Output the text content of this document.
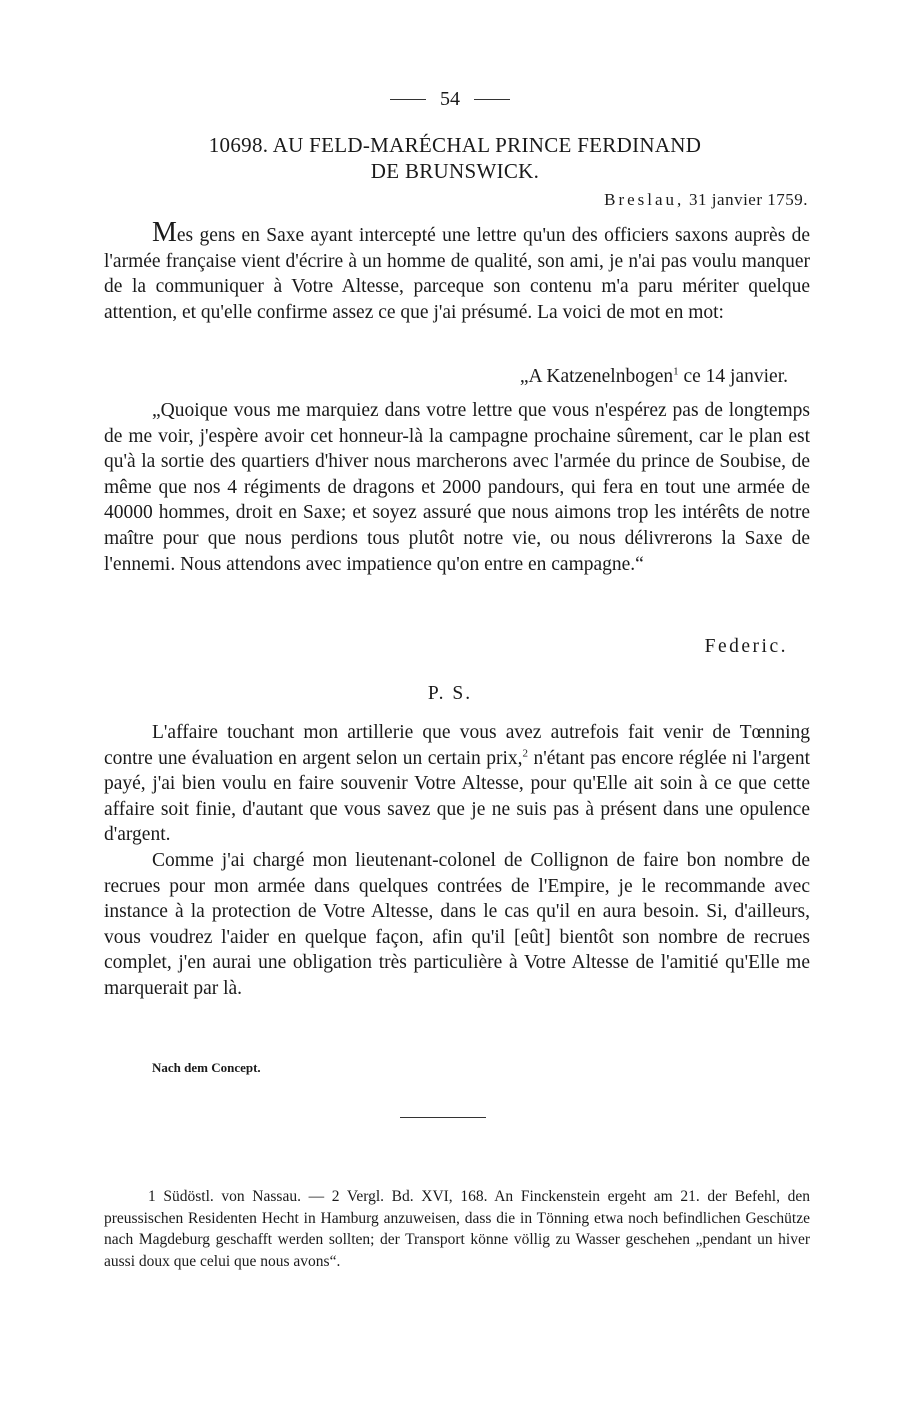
54
10698. AU FELD-MARÉCHAL PRINCE FERDINAND
DE BRUNSWICK.
Breslau, 31 janvier 1759.

Mes gens en Saxe ayant intercepté une lettre qu'un des officiers saxons auprès de l'armée française vient d'écrire à un homme de qualité, son ami, je n'ai pas voulu manquer de la communiquer à Votre Altesse, parceque son contenu m'a paru mériter quelque attention, et qu'elle confirme assez ce que j'ai présumé. La voici de mot en mot:

„A Katzenelnbogen$^1$ ce 14 janvier.

„Quoique vous me marquiez dans votre lettre que vous n'espérez pas de longtemps de me voir, j'espère avoir cet honneur-là la campagne prochaine sûrement, car le plan est qu'à la sortie des quartiers d'hiver nous marcherons avec l'armée du prince de Soubise, de même que nos 4 régiments de dragons et 2000 pandours, qui fera en tout une armée de 40000 hommes, droit en Saxe; et soyez assuré que nous aimons trop les intérêts de notre maître pour que nous perdions tous plutôt notre vie, ou nous délivrerons la Saxe de l'ennemi. Nous attendons avec impatience qu'on entre en campagne.“

Federic.
P. S.

L'affaire touchant mon artillerie que vous avez autrefois fait venir de Tœnning contre une évaluation en argent selon un certain prix,$^2$ n'étant pas encore réglée ni l'argent payé, j'ai bien voulu en faire souvenir Votre Altesse, pour qu'Elle ait soin à ce que cette affaire soit finie, d'autant que vous savez que je ne suis pas à présent dans une opulence d'argent.

Comme j'ai chargé mon lieutenant-colonel de Collignon de faire bon nombre de recrues pour mon armée dans quelques contrées de l'Empire, je le recommande avec instance à la protection de Votre Altesse, dans le cas qu'il en aura besoin. Si, d'ailleurs, vous voudrez l'aider en quelque façon, afin qu'il [eût] bientôt son nombre de recrues complet, j'en aurai une obligation très particulière à Votre Altesse de l'amitié qu'Elle me marquerait par là.

Nach dem Concept.

1 Südöstl. von Nassau. — 2 Vergl. Bd. XVI, 168. An Finckenstein ergeht am 21. der Befehl, den preussischen Residenten Hecht in Hamburg anzuweisen, dass die in Tönning etwa noch befindlichen Geschütze nach Magdeburg geschafft werden sollten; der Transport könne völlig zu Wasser geschehen „pendant un hiver aussi doux que celui que nous avons“.
